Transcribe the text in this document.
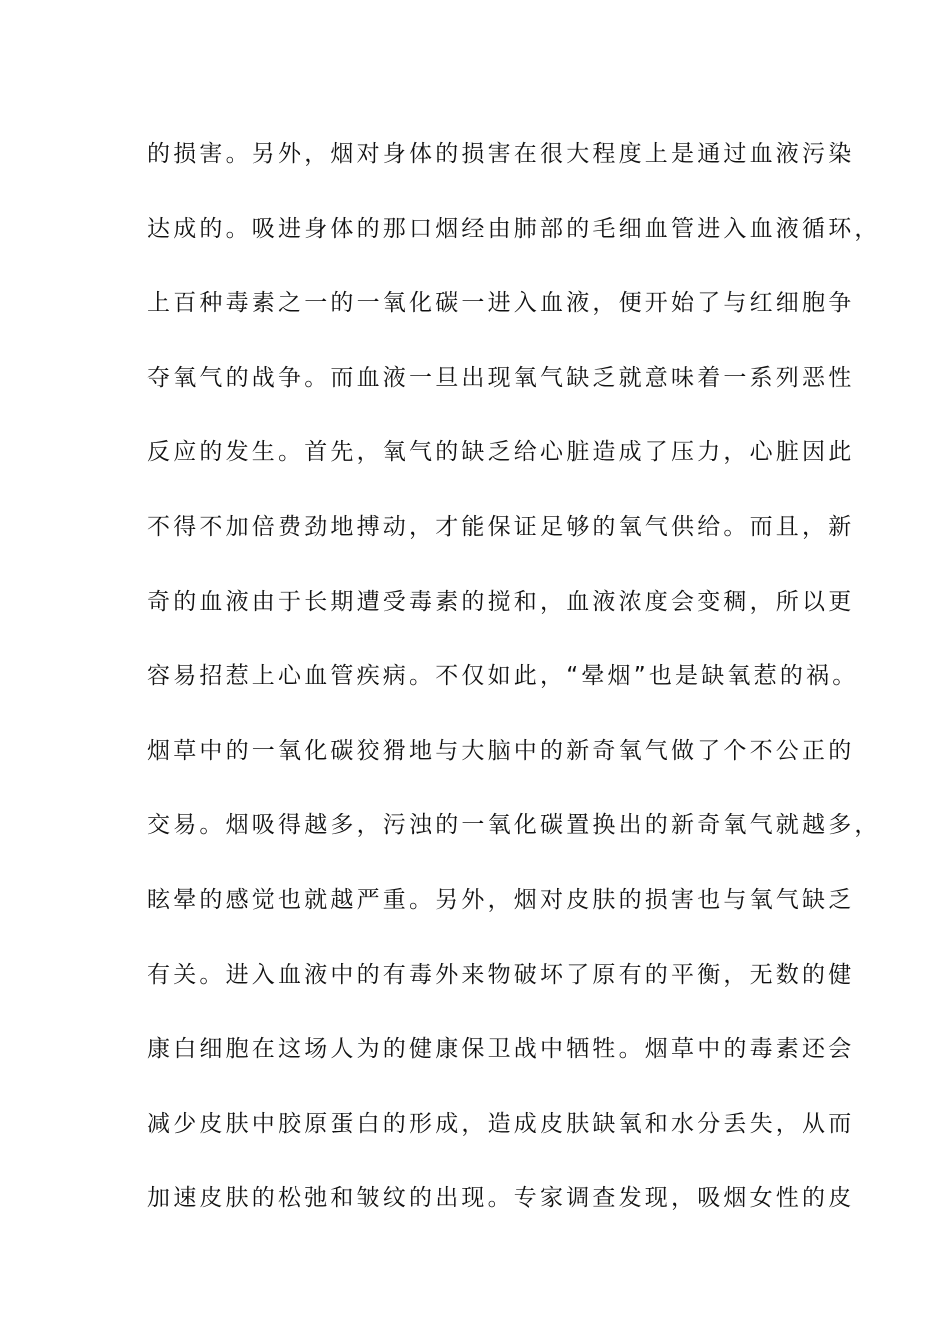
的损害。另外，烟对身体的损害在很大程度上是通过血液污染
达成的。吸进身体的那口烟经由肺部的毛细血管进入血液循环，
上百种毒素之一的一氧化碳一进入血液，便开始了与红细胞争
夺氧气的战争。而血液一旦出现氧气缺乏就意味着一系列恶性
反应的发生。首先，氧气的缺乏给心脏造成了压力，心脏因此
不得不加倍费劲地搏动，才能保证足够的氧气供给。而且，新
奇的血液由于长期遭受毒素的搅和，血液浓度会变稠，所以更
容易招惹上心血管疾病。不仅如此，“晕烟”也是缺氧惹的祸。
烟草中的一氧化碳狡猾地与大脑中的新奇氧气做了个不公正的
交易。烟吸得越多，污浊的一氧化碳置换出的新奇氧气就越多，
眩晕的感觉也就越严重。另外，烟对皮肤的损害也与氧气缺乏
有关。进入血液中的有毒外来物破坏了原有的平衡，无数的健
康白细胞在这场人为的健康保卫战中牺牲。烟草中的毒素还会
减少皮肤中胶原蛋白的形成，造成皮肤缺氧和水分丢失，从而
加速皮肤的松弛和皱纹的出现。专家调查发现，吸烟女性的皮
